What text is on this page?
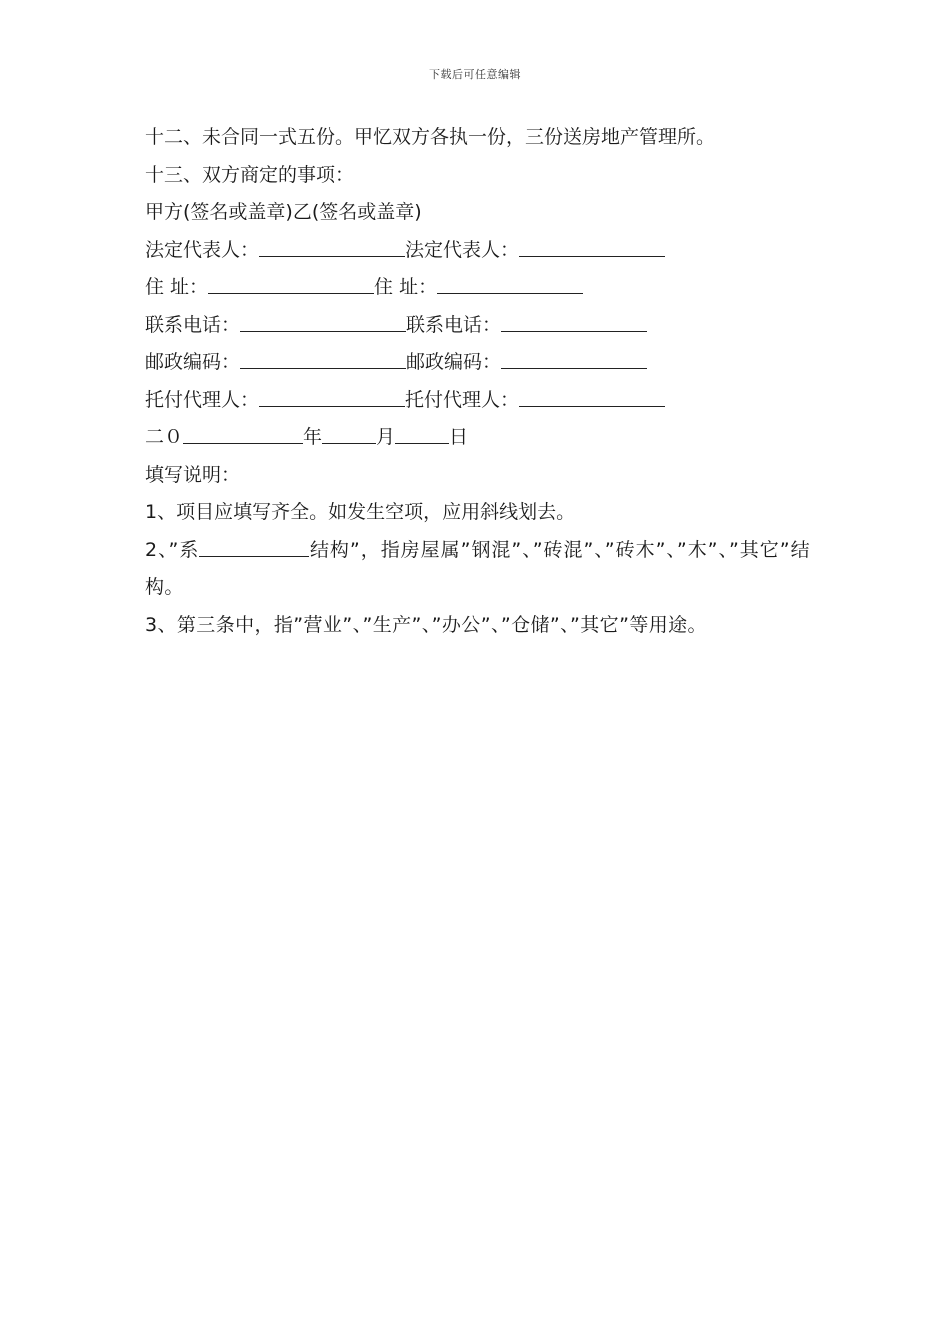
下载后可任意编辑
十二、未合同一式五份。甲忆双方各执一份，三份送房地产管理所。
十三、双方商定的事项：
甲方(签名或盖章)乙(签名或盖章)
法定代表人：	法定代表人：
住 址：	住 址：
联系电话：	联系电话：
邮政编码：	邮政编码：
托付代理人：	托付代理人：
二０	年	月	日
填写说明：
1、项目应填写齐全。如发生空项，应用斜线划去。
2、”系	结构”，指房屋属”钢混”、”砖混”、”砖木”、”木”、”其它”结构。
3、第三条中，指”营业”、”生产”、”办公”、”仓储”、”其它”等用途。
